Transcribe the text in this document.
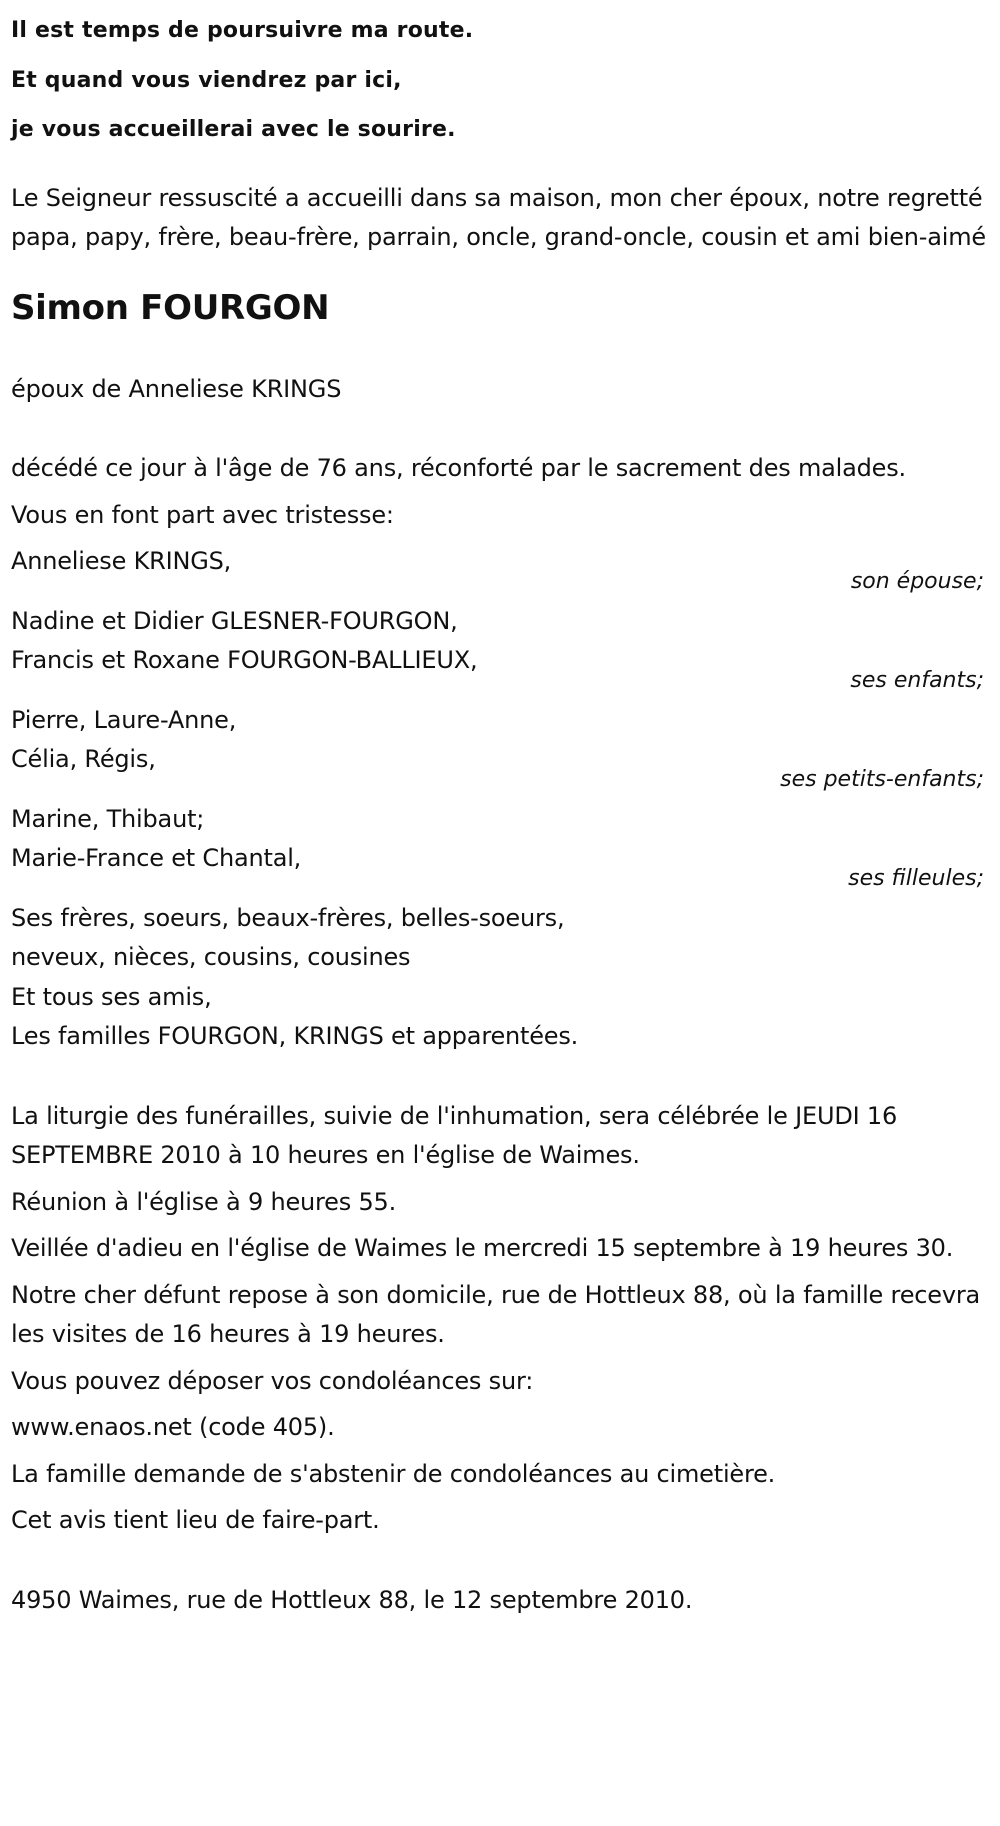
Il est temps de poursuivre ma route.
Et quand vous viendrez par ici,
je vous accueillerai avec le sourire.

Le Seigneur ressuscité a accueilli dans sa maison, mon cher époux, notre regretté papa, papy, frère, beau-frère, parrain, oncle, grand-oncle, cousin et ami bien-aimé

Simon FOURGON

époux de Anneliese KRINGS

décédé ce jour à l'âge de 76 ans, réconforté par le sacrement des malades.

Vous en font part avec tristesse:

Anneliese KRINGS,
son épouse;
Nadine et Didier GLESNER-FOURGON,
Francis et Roxane FOURGON-BALLIEUX,
ses enfants;
Pierre, Laure-Anne,
Célia, Régis,
ses petits-enfants;
Marine, Thibaut;
Marie-France et Chantal,
ses filleules;
Ses frères, soeurs, beaux-frères, belles-soeurs,
neveux, nièces, cousins, cousines
Et tous ses amis,
Les familles FOURGON, KRINGS et apparentées.

La liturgie des funérailles, suivie de l'inhumation, sera célébrée le JEUDI 16 SEPTEMBRE 2010 à 10 heures en l'église de Waimes.

Réunion à l'église à 9 heures 55.

Veillée d'adieu en l'église de Waimes le mercredi 15 septembre à 19 heures 30.

Notre cher défunt repose à son domicile, rue de Hottleux 88, où la famille recevra les visites de 16 heures à 19 heures.

Vous pouvez déposer vos condoléances sur:

www.enaos.net (code 405).

La famille demande de s'abstenir de condoléances au cimetière.

Cet avis tient lieu de faire-part.

4950 Waimes, rue de Hottleux 88, le 12 septembre 2010.
